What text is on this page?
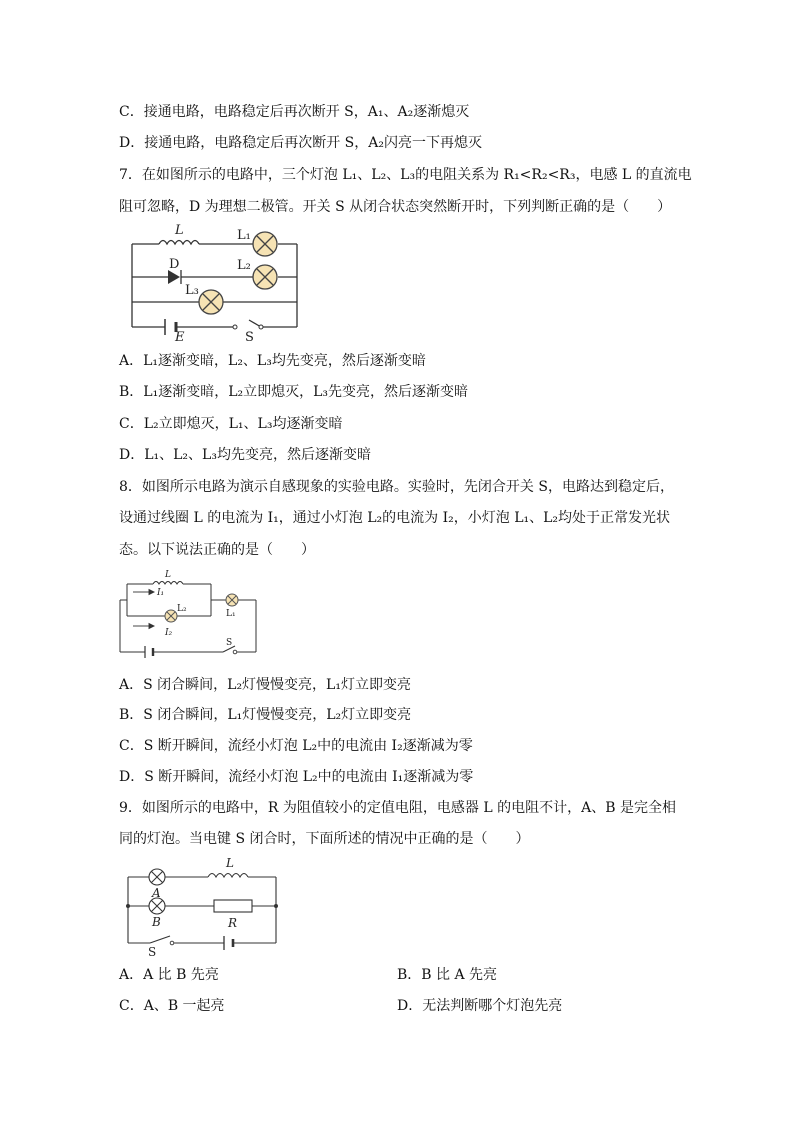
C．接通电路，电路稳定后再次断开 S，A₁、A₂逐渐熄灭
D．接通电路，电路稳定后再次断开 S，A₂闪亮一下再熄灭
7．在如图所示的电路中，三个灯泡 L₁、L₂、L₃的电阻关系为 R₁<R₂<R₃，电感 L 的直流电
阻可忽略，D 为理想二极管。开关 S 从闭合状态突然断开时，下列判断正确的是（　　）
L	L₁
D	L₂
L₃
E	S
A．L₁逐渐变暗，L₂、L₃均先变亮，然后逐渐变暗
B．L₁逐渐变暗，L₂立即熄灭，L₃先变亮，然后逐渐变暗
C．L₂立即熄灭，L₁、L₃均逐渐变暗
D．L₁、L₂、L₃均先变亮，然后逐渐变暗
8．如图所示电路为演示自感现象的实验电路。实验时，先闭合开关 S，电路达到稳定后，
设通过线圈 L 的电流为 I₁，通过小灯泡 L₂的电流为 I₂，小灯泡 L₁、L₂均处于正常发光状
态。以下说法正确的是（　　）
L
I₁
L₁
L₂
I₂
S
A．S 闭合瞬间，L₂灯慢慢变亮，L₁灯立即变亮
B．S 闭合瞬间，L₁灯慢慢变亮，L₂灯立即变亮
C．S 断开瞬间，流经小灯泡 L₂中的电流由 I₂逐渐减为零
D．S 断开瞬间，流经小灯泡 L₂中的电流由 I₁逐渐减为零
9．如图所示的电路中，R 为阻值较小的定值电阻，电感器 L 的电阻不计，A、B 是完全相
同的灯泡。当电键 S 闭合时，下面所述的情况中正确的是（　　）
L
A
B	R
S
A．A 比 B 先亮	B．B 比 A 先亮
C．A、B 一起亮	D．无法判断哪个灯泡先亮
